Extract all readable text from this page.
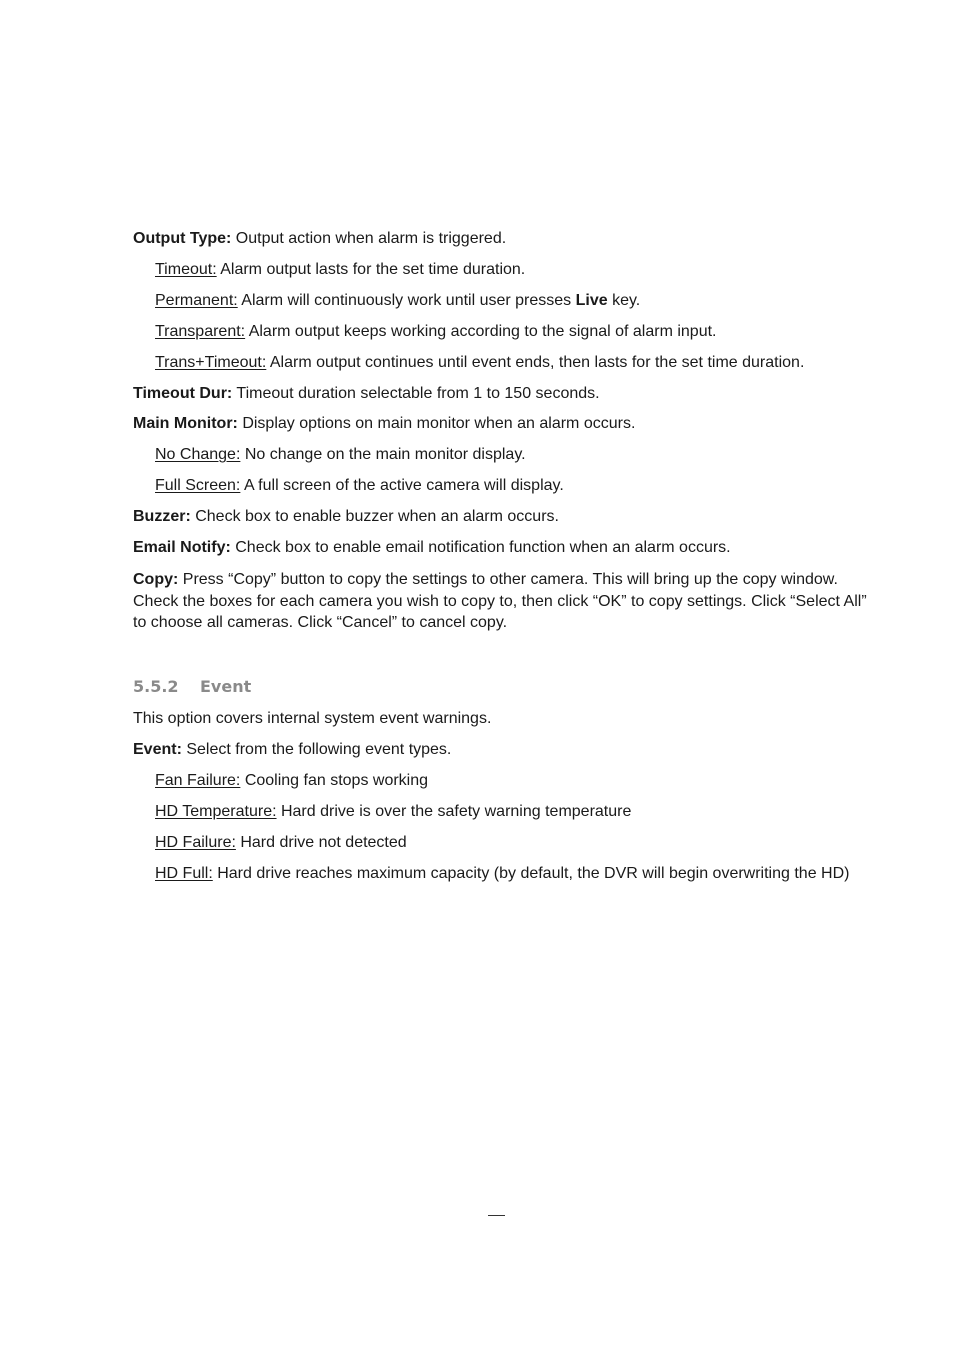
Output Type: Output action when alarm is triggered.
Timeout: Alarm output lasts for the set time duration.
Permanent: Alarm will continuously work until user presses Live key.
Transparent: Alarm output keeps working according to the signal of alarm input.
Trans+Timeout: Alarm output continues until event ends, then lasts for the set time duration.
Timeout Dur: Timeout duration selectable from 1 to 150 seconds.
Main Monitor: Display options on main monitor when an alarm occurs.
No Change: No change on the main monitor display.
Full Screen: A full screen of the active camera will display.
Buzzer: Check box to enable buzzer when an alarm occurs.
Email Notify: Check box to enable email notification function when an alarm occurs.
Copy: Press “Copy” button to copy the settings to other camera. This will bring up the copy window. Check the boxes for each camera you wish to copy to, then click “OK” to copy settings. Click “Select All” to choose all cameras. Click “Cancel” to cancel copy.
5.5.2 Event
This option covers internal system event warnings.
Event: Select from the following event types.
Fan Failure: Cooling fan stops working
HD Temperature: Hard drive is over the safety warning temperature
HD Failure: Hard drive not detected
HD Full: Hard drive reaches maximum capacity (by default, the DVR will begin overwriting the HD)
